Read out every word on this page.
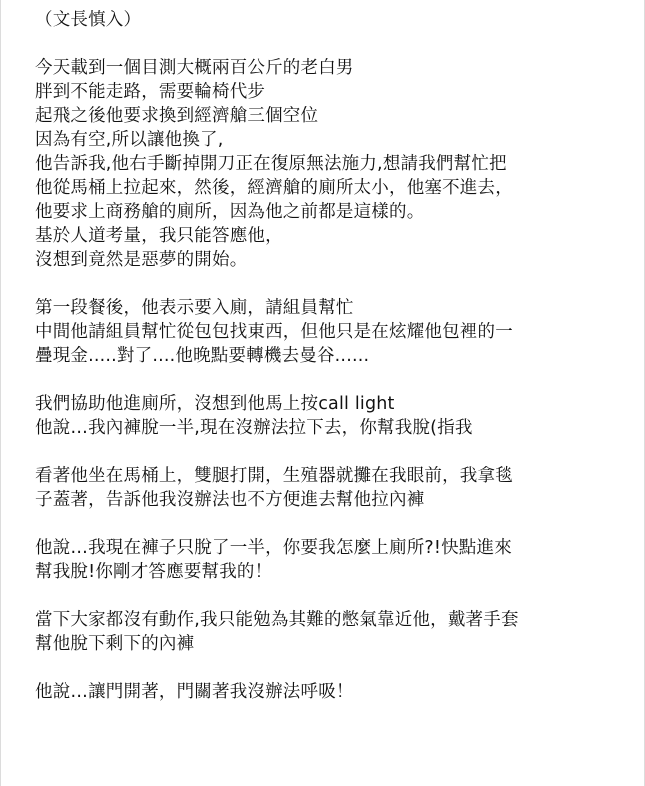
（文長慎入）
今天載到一個目測大概兩百公斤的老白男
胖到不能走路，需要輪椅代步
起飛之後他要求換到經濟艙三個空位
因為有空,所以讓他換了,
他告訴我,他右手斷掉開刀正在復原無法施力,想請我們幫忙把
他從馬桶上拉起來，然後，經濟艙的廁所太小，他塞不進去，
他要求上商務艙的廁所，因為他之前都是這樣的。
基於人道考量，我只能答應他，
沒想到竟然是惡夢的開始。
第一段餐後，他表示要入廁，請組員幫忙
中間他請組員幫忙從包包找東西，但他只是在炫耀他包裡的一
疊現金.....對了....他晚點要轉機去曼谷......
我們協助他進廁所，沒想到他馬上按call light
他說…我內褲脫一半,現在沒辦法拉下去，你幫我脫(指我
看著他坐在馬桶上，雙腿打開，生殖器就攤在我眼前，我拿毯
子蓋著，告訴他我沒辦法也不方便進去幫他拉內褲
他說…我現在褲子只脫了一半，你要我怎麼上廁所?!快點進來
幫我脫!你剛才答應要幫我的！
當下大家都沒有動作,我只能勉為其難的憋氣靠近他，戴著手套
幫他脫下剩下的內褲
他說…讓門開著，門關著我沒辦法呼吸！
